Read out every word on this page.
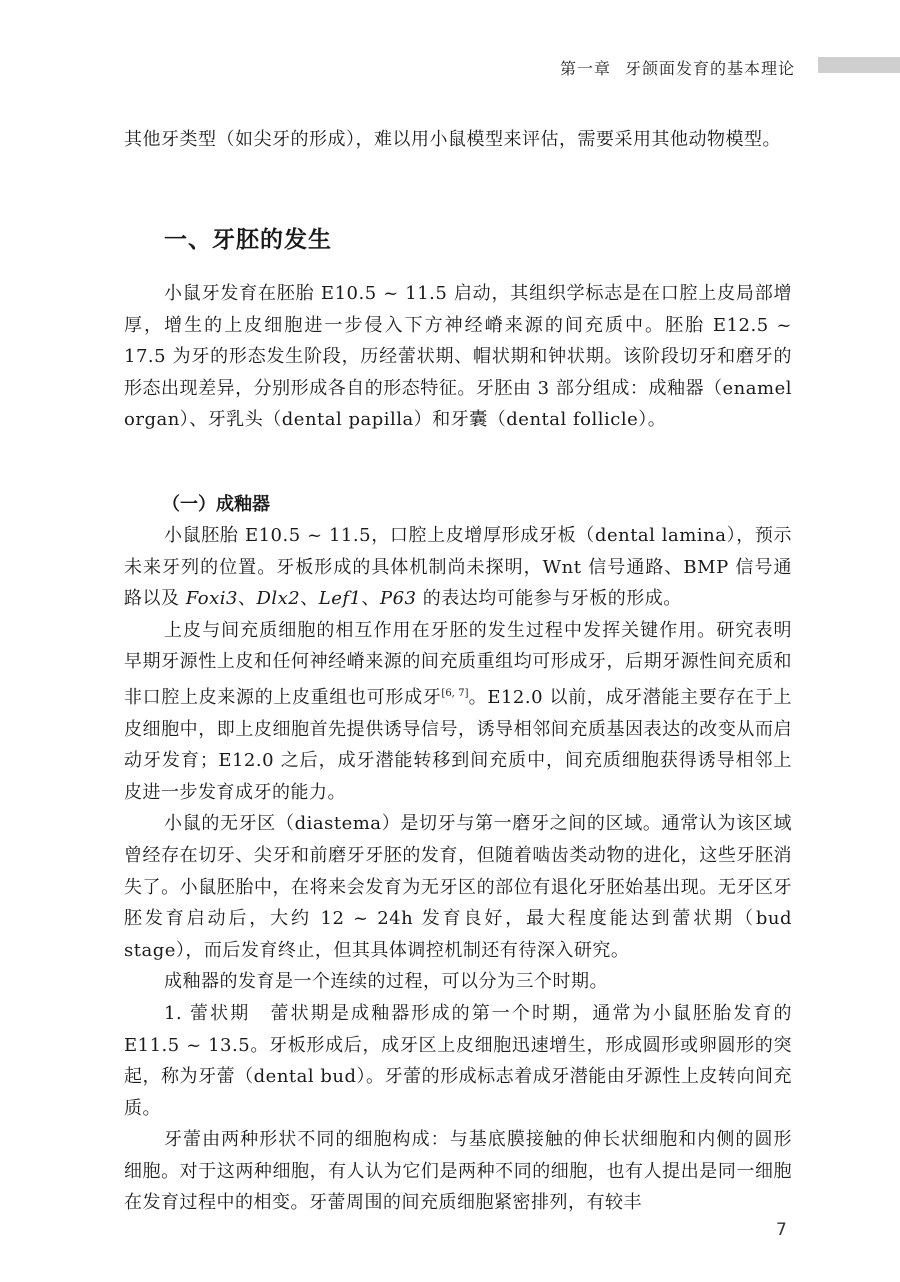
第一章 牙颌面发育的基本理论

其他牙类型（如尖牙的形成），难以用小鼠模型来评估，需要采用其他动物模型。

一、牙胚的发生

小鼠牙发育在胚胎 E10.5 ~ 11.5 启动，其组织学标志是在口腔上皮局部增厚，增生的上皮细胞进一步侵入下方神经嵴来源的间充质中。胚胎 E12.5 ~ 17.5 为牙的形态发生阶段，历经蕾状期、帽状期和钟状期。该阶段切牙和磨牙的形态出现差异，分别形成各自的形态特征。牙胚由 3 部分组成：成釉器（enamel organ）、牙乳头（dental papilla）和牙囊（dental follicle）。

（一）成釉器

小鼠胚胎 E10.5 ~ 11.5，口腔上皮增厚形成牙板（dental lamina），预示未来牙列的位置。牙板形成的具体机制尚未探明，Wnt 信号通路、BMP 信号通路以及 Foxi3、Dlx2、Lef1、P63 的表达均可能参与牙板的形成。

上皮与间充质细胞的相互作用在牙胚的发生过程中发挥关键作用。研究表明早期牙源性上皮和任何神经嵴来源的间充质重组均可形成牙，后期牙源性间充质和非口腔上皮来源的上皮重组也可形成牙[6, 7]。E12.0 以前，成牙潜能主要存在于上皮细胞中，即上皮细胞首先提供诱导信号，诱导相邻间充质基因表达的改变从而启动牙发育；E12.0 之后，成牙潜能转移到间充质中，间充质细胞获得诱导相邻上皮进一步发育成牙的能力。

小鼠的无牙区（diastema）是切牙与第一磨牙之间的区域。通常认为该区域曾经存在切牙、尖牙和前磨牙牙胚的发育，但随着啮齿类动物的进化，这些牙胚消失了。小鼠胚胎中，在将来会发育为无牙区的部位有退化牙胚始基出现。无牙区牙胚发育启动后，大约 12 ~ 24h 发育良好，最大程度能达到蕾状期（bud stage），而后发育终止，但其具体调控机制还有待深入研究。

成釉器的发育是一个连续的过程，可以分为三个时期。

1. 蕾状期　蕾状期是成釉器形成的第一个时期，通常为小鼠胚胎发育的 E11.5 ~ 13.5。牙板形成后，成牙区上皮细胞迅速增生，形成圆形或卵圆形的突起，称为牙蕾（dental bud）。牙蕾的形成标志着成牙潜能由牙源性上皮转向间充质。

牙蕾由两种形状不同的细胞构成：与基底膜接触的伸长状细胞和内侧的圆形细胞。对于这两种细胞，有人认为它们是两种不同的细胞，也有人提出是同一细胞在发育过程中的相变。牙蕾周围的间充质细胞紧密排列，有较丰

7
